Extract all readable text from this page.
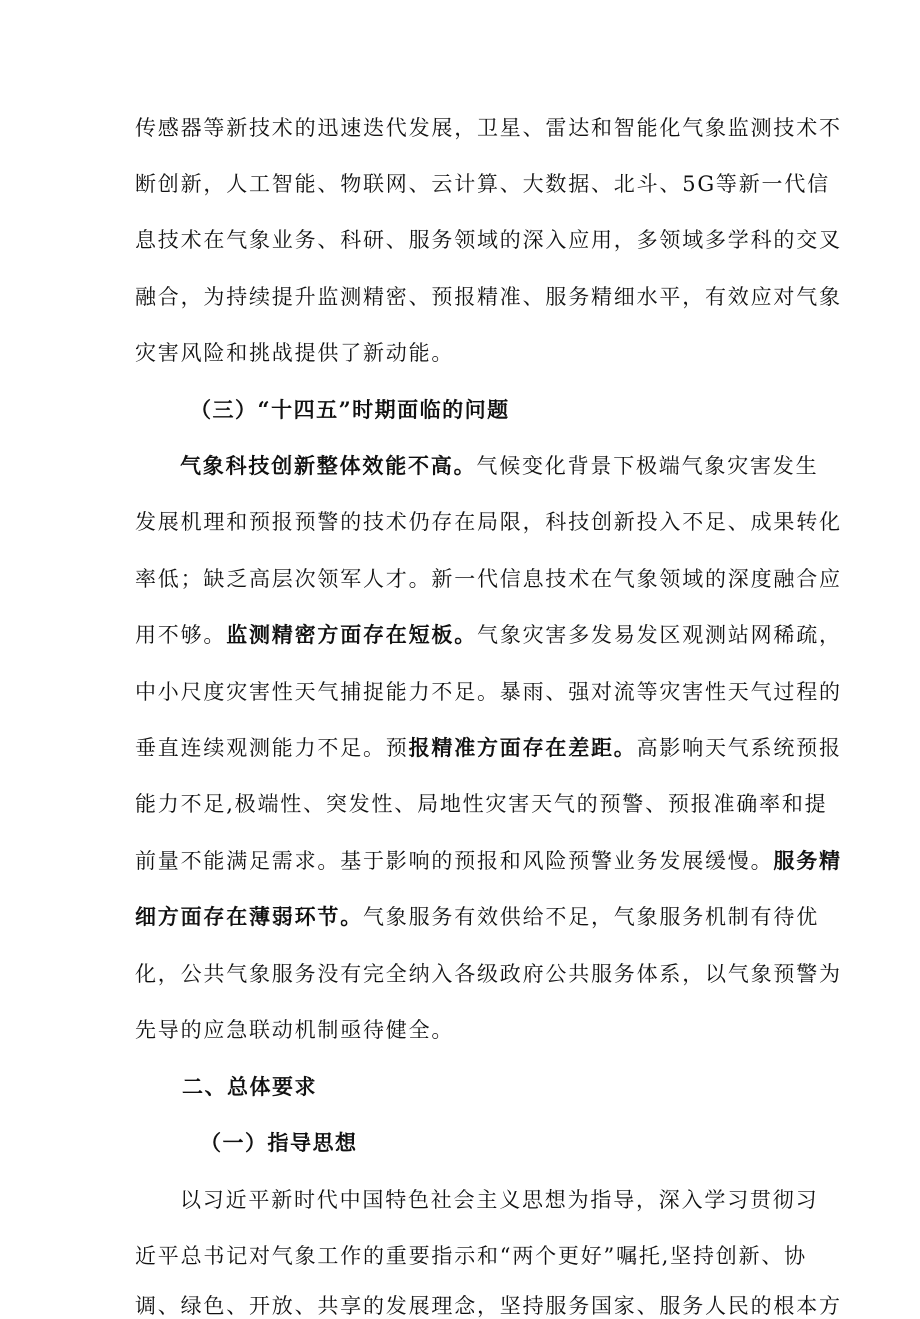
传感器等新技术的迅速迭代发展，卫星、雷达和智能化气象监测技术不
断创新，人工智能、物联网、云计算、大数据、北斗、5G等新一代信
息技术在气象业务、科研、服务领域的深入应用，多领域多学科的交叉
融合，为持续提升监测精密、预报精准、服务精细水平，有效应对气象
灾害风险和挑战提供了新动能。
（三）“十四五”时期面临的问题
气象科技创新整体效能不高。气候变化背景下极端气象灾害发生
发展机理和预报预警的技术仍存在局限，科技创新投入不足、成果转化
率低；缺乏高层次领军人才。新一代信息技术在气象领域的深度融合应
用不够。监测精密方面存在短板。气象灾害多发易发区观测站网稀疏，
中小尺度灾害性天气捕捉能力不足。暴雨、强对流等灾害性天气过程的
垂直连续观测能力不足。预报精准方面存在差距。高影响天气系统预报
能力不足,极端性、突发性、局地性灾害天气的预警、预报准确率和提
前量不能满足需求。基于影响的预报和风险预警业务发展缓慢。服务精
细方面存在薄弱环节。气象服务有效供给不足，气象服务机制有待优
化，公共气象服务没有完全纳入各级政府公共服务体系，以气象预警为
先导的应急联动机制亟待健全。
二、总体要求
（一）指导思想
以习近平新时代中国特色社会主义思想为指导，深入学习贯彻习
近平总书记对气象工作的重要指示和“两个更好”嘱托,坚持创新、协
调、绿色、开放、共享的发展理念，坚持服务国家、服务人民的根本方
